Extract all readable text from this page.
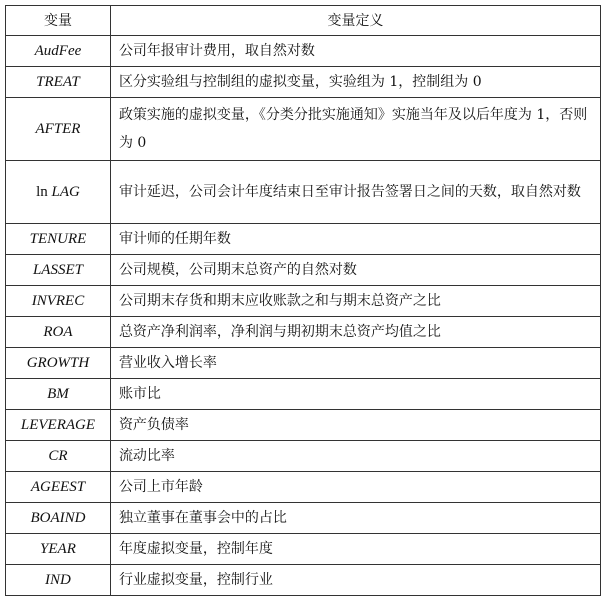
变量	变量定义
AudFee	公司年报审计费用，取自然对数
TREAT	区分实验组与控制组的虚拟变量，实验组为 1，控制组为 0
AFTER	政策实施的虚拟变量，《分类分批实施通知》实施当年及以后年度为 1，否则为 0
ln LAG	审计延迟，公司会计年度结束日至审计报告签署日之间的天数，取自然对数
TENURE	审计师的任期年数
LASSET	公司规模，公司期末总资产的自然对数
INVREC	公司期末存货和期末应收账款之和与期末总资产之比
ROA	总资产净利润率，净利润与期初期末总资产均值之比
GROWTH	营业收入增长率
BM	账市比
LEVERAGE	资产负债率
CR	流动比率
AGEEST	公司上市年龄
BOAIND	独立董事在董事会中的占比
YEAR	年度虚拟变量，控制年度
IND	行业虚拟变量，控制行业
